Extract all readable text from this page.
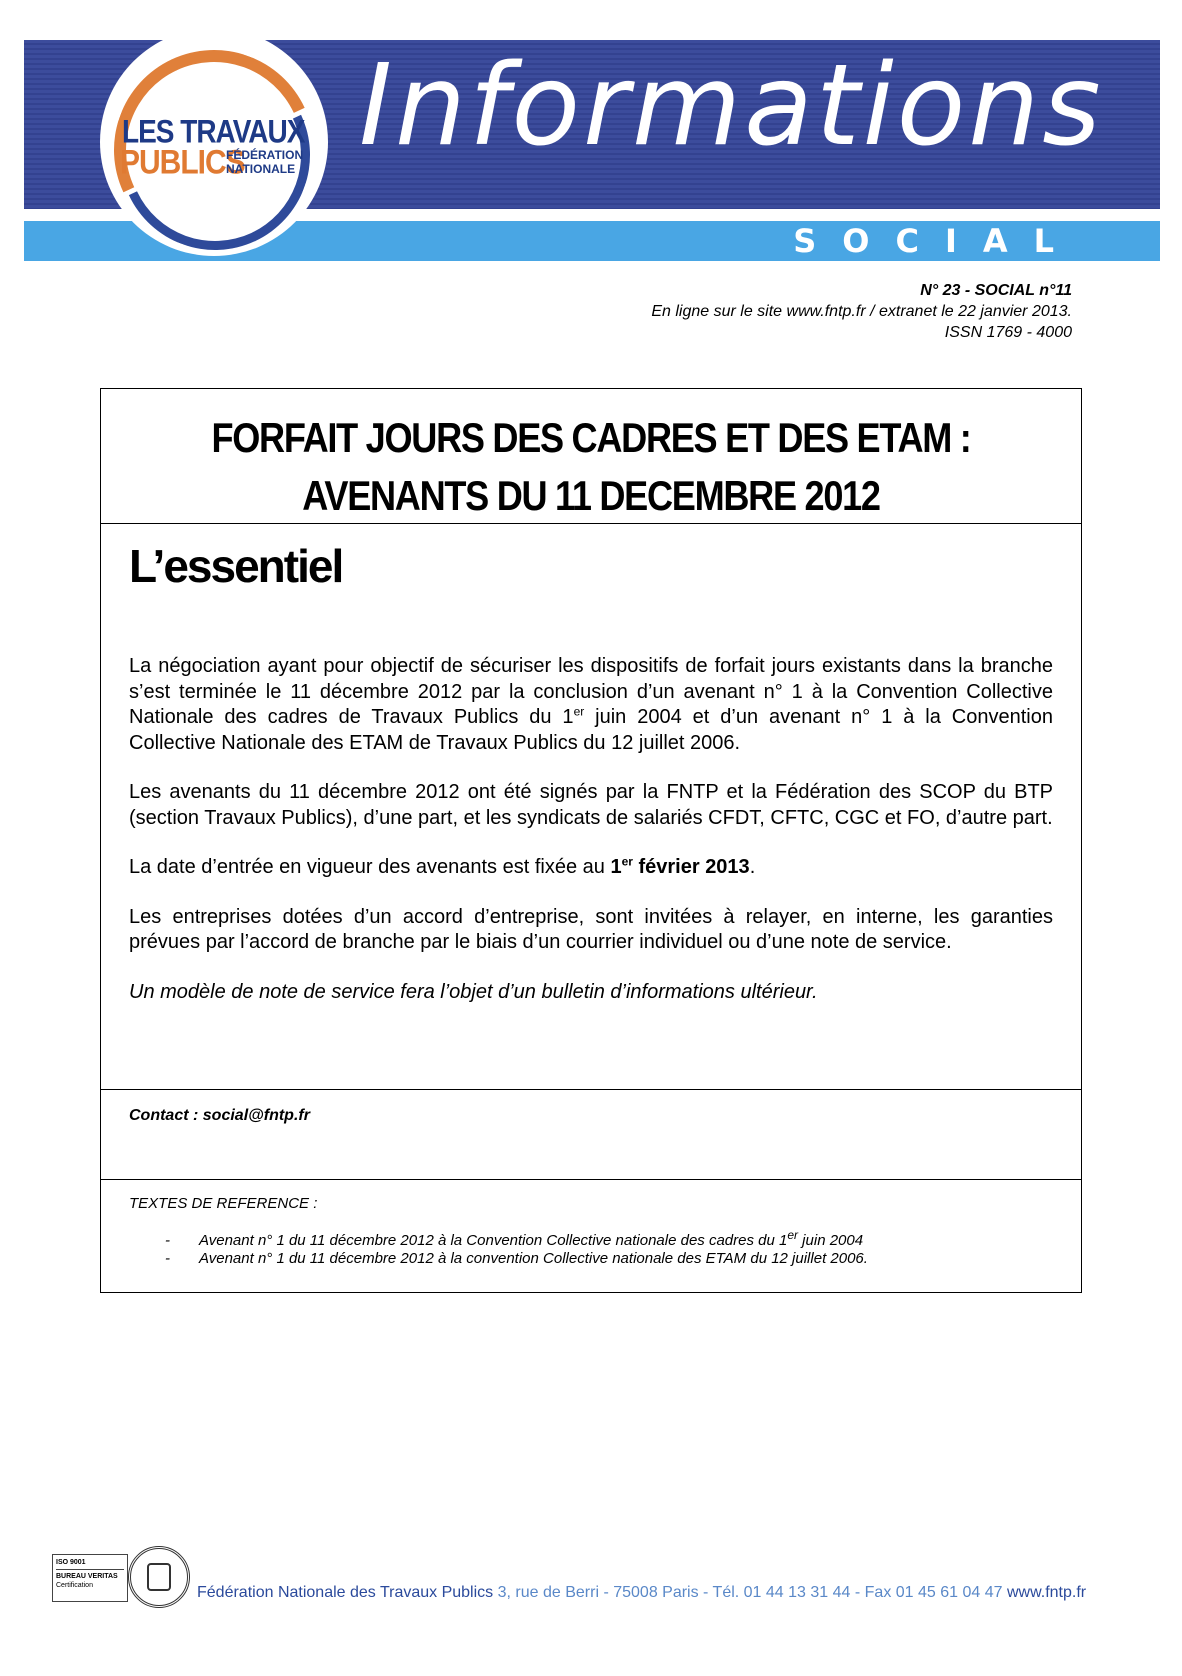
Informations
SOCIAL
LES TRAVAUX
PUBLICS
FÉDÉRATION
NATIONALE
N° 23 - SOCIAL n°11
En ligne sur le site www.fntp.fr / extranet le 22 janvier 2013.
ISSN 1769 - 4000
FORFAIT JOURS DES CADRES ET DES ETAM :
AVENANTS DU 11 DECEMBRE 2012
L’essentiel

La négociation ayant pour objectif de sécuriser les dispositifs de forfait jours existants dans la branche s’est terminée le 11 décembre 2012 par la conclusion d’un avenant n° 1 à la Convention Collective Nationale des cadres de Travaux Publics du 1er juin 2004 et d’un avenant n° 1 à la Convention Collective Nationale des ETAM de Travaux Publics du 12 juillet 2006.

Les avenants du 11 décembre 2012 ont été signés par la FNTP et la Fédération des SCOP du BTP (section Travaux Publics), d’une part, et les syndicats de salariés CFDT, CFTC, CGC et FO, d’autre part.

La date d’entrée en vigueur des avenants est fixée au 1er février 2013.

Les entreprises dotées d’un accord d’entreprise, sont invitées à relayer, en interne, les garanties prévues par l’accord de branche par le biais d’un courrier individuel ou d’une note de service.

Un modèle de note de service fera l’objet d’un bulletin d’informations ultérieur.

Contact : social@fntp.fr
TEXTES DE REFERENCE :
- Avenant n° 1 du 11 décembre 2012 à la Convention Collective nationale des cadres du 1er juin 2004
- Avenant n° 1 du 11 décembre 2012 à la convention Collective nationale des ETAM du 12 juillet 2006.
ISO 9001
BUREAU VERITAS
Certification	Fédération Nationale des Travaux Publics 3, rue de Berri - 75008 Paris - Tél. 01 44 13 31 44 - Fax 01 45 61 04 47 www.fntp.fr
